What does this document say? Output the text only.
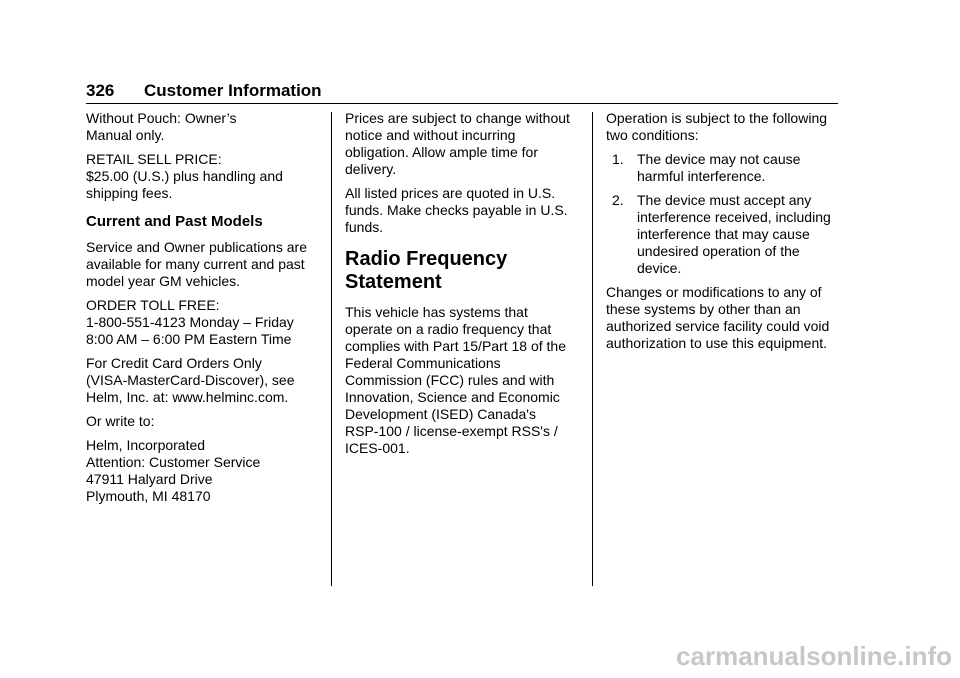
326 Customer Information

Without Pouch: Owner’s
Manual only.

RETAIL SELL PRICE:
$25.00 (U.S.) plus handling and
shipping fees.

Current and Past Models

Service and Owner publications are
available for many current and past
model year GM vehicles.

ORDER TOLL FREE:
1-800-551-4123 Monday – Friday
8:00 AM – 6:00 PM Eastern Time

For Credit Card Orders Only
(VISA-MasterCard-Discover), see
Helm, Inc. at: www.helminc.com.

Or write to:

Helm, Incorporated
Attention: Customer Service
47911 Halyard Drive
Plymouth, MI 48170

Prices are subject to change without
notice and without incurring
obligation. Allow ample time for
delivery.

All listed prices are quoted in U.S.
funds. Make checks payable in U.S.
funds.

Radio Frequency
Statement

This vehicle has systems that
operate on a radio frequency that
complies with Part 15/Part 18 of the
Federal Communications
Commission (FCC) rules and with
Innovation, Science and Economic
Development (ISED) Canada's
RSP-100 / license-exempt RSS's /
ICES-001.

Operation is subject to the following
two conditions:

1. The device may not cause
harmful interference.
2. The device must accept any
interference received, including
interference that may cause
undesired operation of the
device.

Changes or modifications to any of
these systems by other than an
authorized service facility could void
authorization to use this equipment.

carmanualsonline.info
